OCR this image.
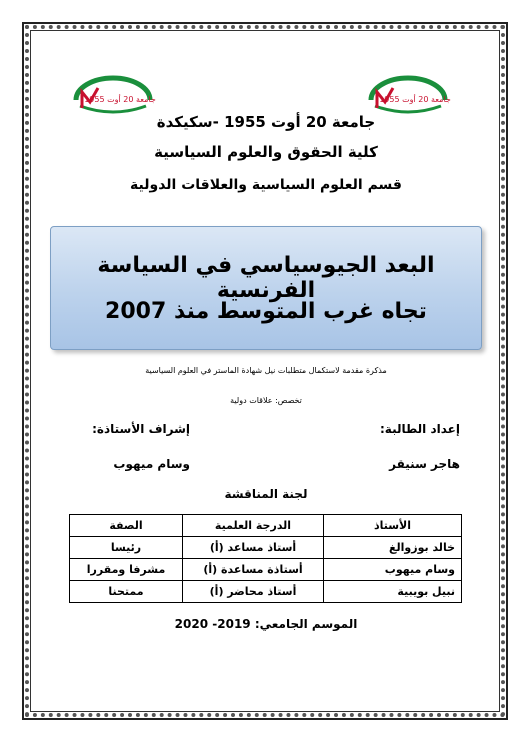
جامعة 20 أوت 1955	جامعة 20 أوت 1955
جامعة 20 أوت 1955 -سكيكدة
كلية الحقوق والعلوم السياسية
قسم العلوم السياسية والعلاقات الدولية
البعد الجيوسياسي في السياسة الفرنسية
تجاه غرب المتوسط منذ 2007
مذكرة مقدمة لاستكمال متطلبات نيل شهادة الماستر في العلوم السياسية
تخصص: علاقات دولية
إعداد الطالبة:
إشراف الأستاذة:
هاجر سنيقر
وسام ميهوب
لجنة المناقشة
الأستاذ	الدرجة العلمية	الصفة
خالد بوزوالغ	أستاذ مساعد (أ)	رئيسا
وسام ميهوب	أستاذة مساعدة (أ)	مشرفا ومقررا
نبيل بويبية	أستاذ محاضر (أ)	ممتحنا
الموسم الجامعي: 2019- 2020
